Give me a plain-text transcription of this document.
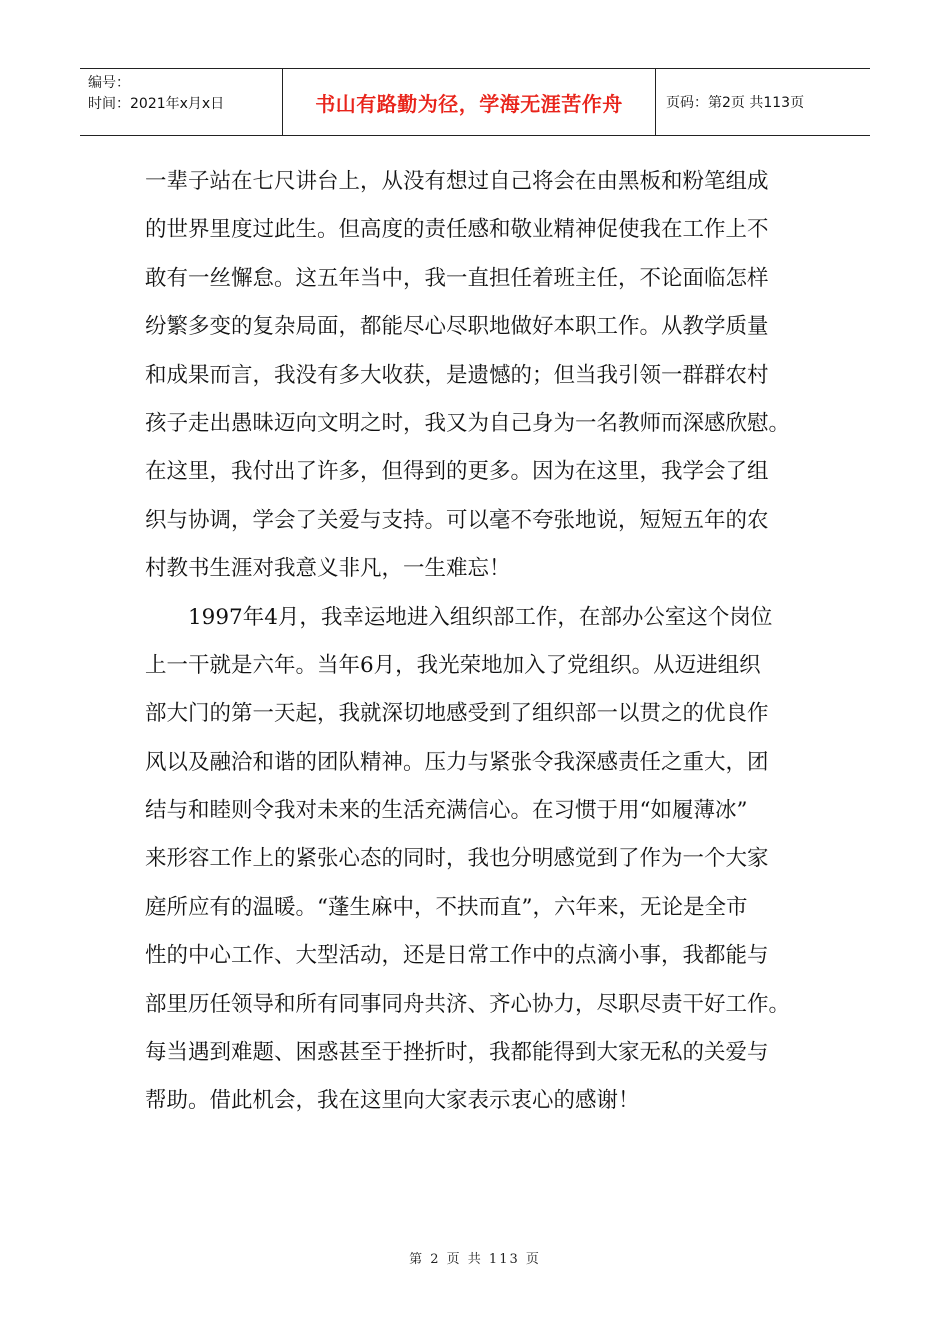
编号：
时间：2021年x月x日	书山有路勤为径，学海无涯苦作舟	页码：第2页 共113页
一辈子站在七尺讲台上，从没有想过自己将会在由黑板和粉笔组成
的世界里度过此生。但高度的责任感和敬业精神促使我在工作上不
敢有一丝懈怠。这五年当中，我一直担任着班主任，不论面临怎样
纷繁多变的复杂局面，都能尽心尽职地做好本职工作。从教学质量
和成果而言，我没有多大收获，是遗憾的；但当我引领一群群农村
孩子走出愚昧迈向文明之时，我又为自己身为一名教师而深感欣慰。
在这里，我付出了许多，但得到的更多。因为在这里，我学会了组
织与协调，学会了关爱与支持。可以毫不夸张地说，短短五年的农
村教书生涯对我意义非凡，一生难忘！
1997年4月，我幸运地进入组织部工作，在部办公室这个岗位
上一干就是六年。当年6月，我光荣地加入了党组织。从迈进组织
部大门的第一天起，我就深切地感受到了组织部一以贯之的优良作
风以及融洽和谐的团队精神。压力与紧张令我深感责任之重大，团
结与和睦则令我对未来的生活充满信心。在习惯于用“如履薄冰”
来形容工作上的紧张心态的同时，我也分明感觉到了作为一个大家
庭所应有的温暖。“蓬生麻中，不扶而直”，六年来，无论是全市
性的中心工作、大型活动，还是日常工作中的点滴小事，我都能与
部里历任领导和所有同事同舟共济、齐心协力，尽职尽责干好工作。
每当遇到难题、困惑甚至于挫折时，我都能得到大家无私的关爱与
帮助。借此机会，我在这里向大家表示衷心的感谢！
第 2 页 共 113 页
